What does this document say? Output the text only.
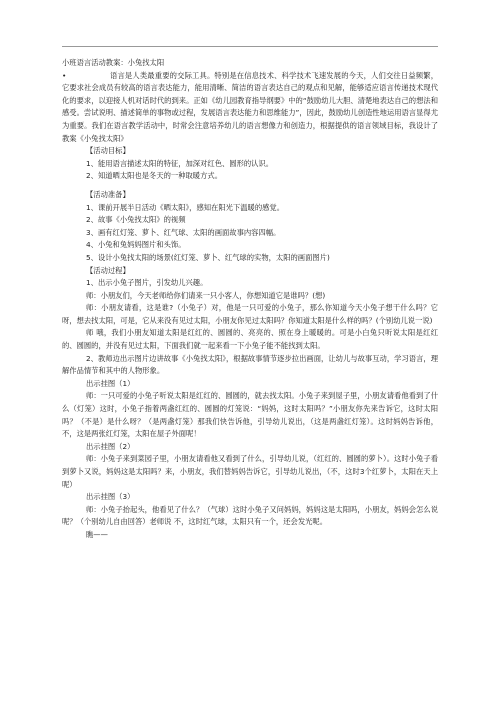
小班语言活动教案：小兔找太阳

•	语言是人类最重要的交际工具。特别是在信息技术、科学技术飞速发展的今天，人们交往日益频繁，它要求社会成员有较高的语言表达能力，能用清晰、简洁的语言表达自己的观点和见解，能够适应语言传递技术现代化的要求，以迎接人机对话时代的到来。正如《幼儿园教育指导纲要》中的“鼓励幼儿大胆、清楚地表达自己的想法和感受。尝试说明、描述简单的事物或过程，发展语言表达能力和思维能力”，因此，鼓励幼儿创造性地运用语言显得尤为重要。我们在语言教学活动中，时常会注意培养幼儿的语言想像力和创造力，根据提供的语言领域目标，我设计了教案《小兔找太阳》

【活动目标】

1、能用语言描述太阳的特征，加深对红色、圆形的认识。

2、知道晒太阳也是冬天的一种取暖方式。

【活动准备】

1、课前开展半日活动《晒太阳》，感知在阳光下温暖的感觉。

2、故事《小兔找太阳》的视频

3、画有红灯笼、萝卜、红气球、太阳的画面故事内容四幅。

4、小兔和兔妈妈图片和头饰。

5、设计小兔找太阳的场景(红灯笼、萝卜、红气球的实物，太阳的画面图片)

【活动过程】

1、出示小兔子图片，引发幼儿兴趣。

师：小朋友们，今天老师给你们请来一只小客人，你想知道它是谁吗？(想)

师：小朋友请看，这是谁?（小兔子）对，他是一只可爱的小兔子，那么你知道今天小兔子想干什么吗？它呀，想去找太阳，可是，它从来没有见过太阳，小朋友你见过太阳吗？你知道太阳是什么样的吗？(个别幼儿说一说)

师 哦，我们小朋友知道太阳是红红的、圆圆的、亮亮的、照在身上暖暖的。可是小白兔只听说太阳是红红的、圆圆的，并没有见过太阳，下面我们就一起来看一下小兔子能不能找到太阳。

2、教师边出示图片边讲故事《小兔找太阳》，根据故事情节逐步拉出画面，让幼儿与故事互动，学习语言，理解作品情节和其中的人物形象。

出示挂图（1）

师：一只可爱的小兔子听说太阳是红红的、圆圆的，就去找太阳。小兔子来到屋子里，小朋友请看他看到了什么（灯笼）这时，小兔子指着两盏红红的、圆圆的灯笼说：“妈妈，这时太阳吗？”小朋友你先来告诉它，这时太阳吗？（不是）是什么呀？（是两盏灯笼）那我们快告诉他，引导幼儿说出，（这是两盏红灯笼）。这时妈妈告诉他，不，这是两张红灯笼，太阳在屋子外面呢！

出示挂图（2）

师：小兔子来到菜园子里，小朋友请看他又看到了什么，引导幼儿说，（红红的、圆圆的萝卜）。这时小兔子看到萝卜又说，妈妈这是太阳吗？来，小朋友，我们替妈妈告诉它，引导幼儿说出，（不，这时3个红萝卜，太阳在天上呢）

出示挂图（3）

师：小兔子抬起头，他看见了什么？（气球）这时小兔子又问妈妈，妈妈这是太阳吗，小朋友，妈妈会怎么说呢？（个别幼儿自由回答）老师说 不，这时红气球，太阳只有一个，还会发光呢。

瞧——
